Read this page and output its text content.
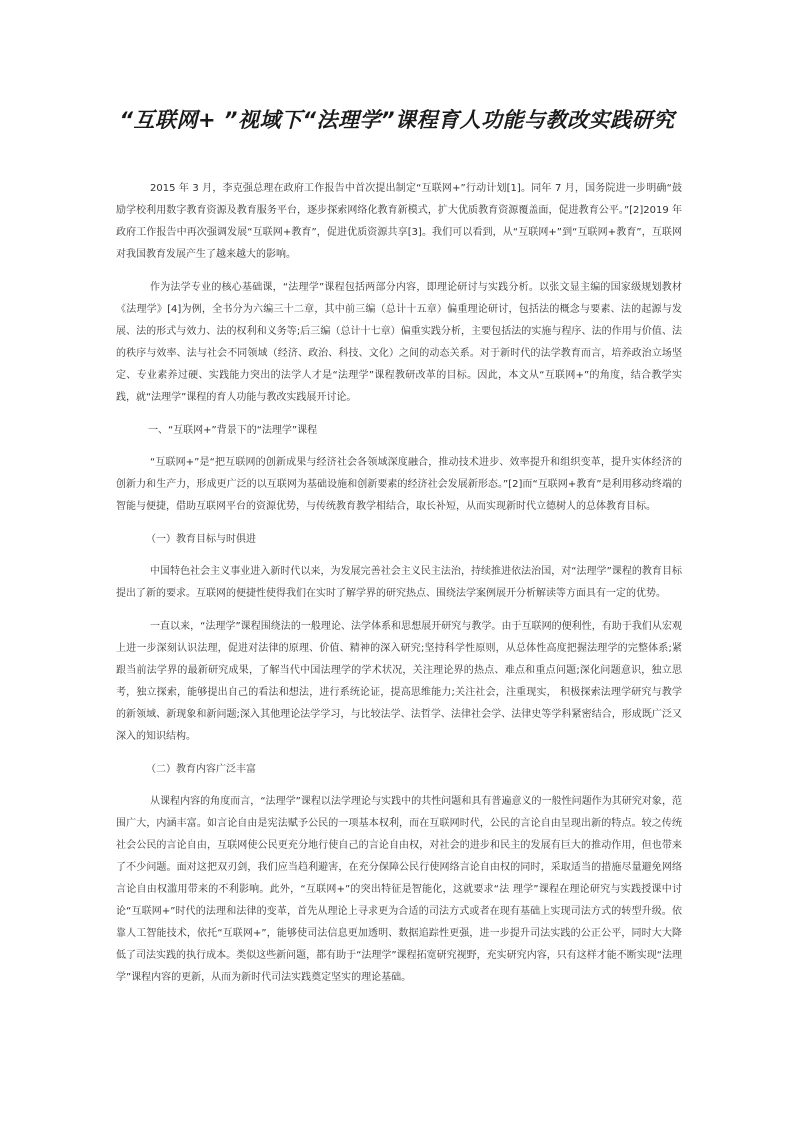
“互联网+ ”视域下“法理学”课程育人功能与教改实践研究

2015 年 3 月，李克强总理在政府工作报告中首次提出制定“互联网+”行动计划[1]。同年 7 月，国务院进一步明确“鼓励学校利用数字教育资源及教育服务平台，逐步探索网络化教育新模式，扩大优质教育资源覆盖面，促进教育公平。”[2]2019 年政府工作报告中再次强调发展“互联网+教育”，促进优质资源共享[3]。我们可以看到，从“互联网+”到“互联网+教育”，互联网对我国教育发展产生了越来越大的影响。

作为法学专业的核心基础课，“法理学”课程包括两部分内容，即理论研讨与实践分析。以张文显主编的国家级规划教材《法理学》[4]为例，全书分为六编三十二章，其中前三编（总计十五章）偏重理论研讨，包括法的概念与要素、法的起源与发展、法的形式与效力、法的权利和义务等;后三编（总计十七章）偏重实践分析，主要包括法的实施与程序、法的作用与价值、法的秩序与效率、法与社会不同领域（经济、政治、科技、文化）之间的动态关系。对于新时代的法学教育而言，培养政治立场坚定、专业素养过硬、实践能力突出的法学人才是“法理学”课程教研改革的目标。因此，本文从“互联网+”的角度，结合教学实践，就“法理学”课程的育人功能与教改实践展开讨论。

一、“互联网+”背景下的“法理学”课程

“互联网+”是“把互联网的创新成果与经济社会各领域深度融合，推动技术进步、效率提升和组织变革，提升实体经济的创新力和生产力，形成更广泛的以互联网为基础设施和创新要素的经济社会发展新形态。”[2]而“互联网+教育”是利用移动终端的智能与便捷，借助互联网平台的资源优势，与传统教育教学相结合，取长补短，从而实现新时代立德树人的总体教育目标。

（一）教育目标与时俱进

中国特色社会主义事业进入新时代以来，为发展完善社会主义民主法治，持续推进依法治国，对“法理学”课程的教育目标提出了新的要求。互联网的便捷性使得我们在实时了解学界的研究热点、围绕法学案例展开分析解读等方面具有一定的优势。

一直以来，“法理学”课程围绕法的一般理论、法学体系和思想展开研究与教学。由于互联网的便利性，有助于我们从宏观上进一步深刻认识法理，促进对法律的原理、价值、精神的深入研究;坚持科学性原则，从总体性高度把握法理学的完整体系;紧跟当前法学界的最新研究成果，了解当代中国法理学的学术状况，关注理论界的热点、难点和重点问题;深化问题意识，独立思考，独立探索，能够提出自己的看法和想法，进行系统论证，提高思维能力;关注社会，注重现实， 积极探索法理学研究与教学的新领域、新现象和新问题;深入其他理论法学学习，与比较法学、法哲学、法律社会学、法律史等学科紧密结合，形成既广泛又深入的知识结构。

（二）教育内容广泛丰富

从课程内容的角度而言，“法理学”课程以法学理论与实践中的共性问题和具有普遍意义的一般性问题作为其研究对象，范围广大，内涵丰富。如言论自由是宪法赋予公民的一项基本权利，而在互联网时代，公民的言论自由呈现出新的特点。较之传统社会公民的言论自由，互联网使公民更充分地行使自己的言论自由权，对社会的进步和民主的发展有巨大的推动作用，但也带来了不少问题。面对这把双刃剑，我们应当趋利避害，在充分保障公民行使网络言论自由权的同时，采取适当的措施尽量避免网络言论自由权滥用带来的不利影响。此外，“互联网+”的突出特征是智能化，这就要求“法 理学”课程在理论研究与实践授课中讨论“互联网+”时代的法理和法律的变革，首先从理论上寻求更为合适的司法方式或者在现有基础上实现司法方式的转型升级。依靠人工智能技术，依托“互联网+”，能够使司法信息更加透明、数据追踪性更强，进一步提升司法实践的公正公平，同时大大降低了司法实践的执行成本。类似这些新问题，都有助于“法理学”课程拓宽研究视野，充实研究内容，只有这样才能不断实现“法理学”课程内容的更新，从而为新时代司法实践奠定坚实的理论基础。
